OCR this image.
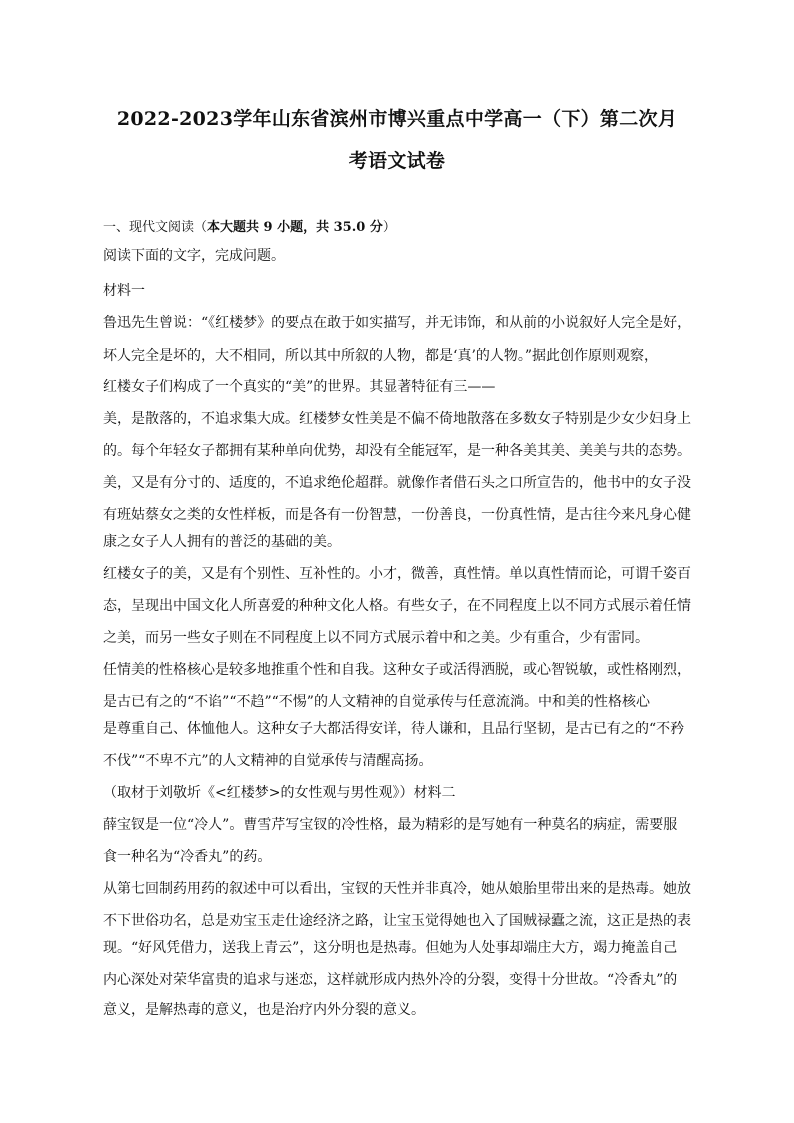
2022-2023学年山东省滨州市博兴重点中学高一（下）第二次月
考语文试卷
一、现代文阅读（本大题共 9 小题，共 35.0 分）
阅读下面的文字，完成问题。
材料一
鲁迅先生曾说：“《红楼梦》的要点在敢于如实描写，并无讳饰，和从前的小说叙好人完全是好，
坏人完全是坏的，大不相同，所以其中所叙的人物，都是‘真’的人物。”据此创作原则观察，
红楼女子们构成了一个真实的“美”的世界。其显著特征有三——
美，是散落的，不追求集大成。红楼梦女性美是不偏不倚地散落在多数女子特别是少女少妇身上
的。每个年轻女子都拥有某种单向优势，却没有全能冠军，是一种各美其美、美美与共的态势。
美，又是有分寸的、适度的，不追求绝伦超群。就像作者借石头之口所宣告的，他书中的女子没
有班姑蔡女之类的女性样板，而是各有一份智慧，一份善良，一份真性情，是古往今来凡身心健
康之女子人人拥有的普泛的基础的美。
红楼女子的美，又是有个别性、互补性的。小才，微善，真性情。单以真性情而论，可谓千姿百
态，呈现出中国文化人所喜爱的种种文化人格。有些女子，在不同程度上以不同方式展示着任情
之美，而另一些女子则在不同程度上以不同方式展示着中和之美。少有重合，少有雷同。
任情美的性格核心是较多地推重个性和自我。这种女子或活得洒脱，或心智锐敏，或性格刚烈，
是古已有之的“不谄”“不趋”“不惕”的人文精神的自觉承传与任意流淌。中和美的性格核心
是尊重自己、体恤他人。这种女子大都活得安详，待人谦和，且品行坚韧，是古已有之的“不矜
不伐”“不卑不亢”的人文精神的自觉承传与清醒高扬。
（取材于刘敬圻《<红楼梦>的女性观与男性观》）材料二
薛宝钗是一位“冷人”。曹雪芹写宝钗的冷性格，最为精彩的是写她有一种莫名的病症，需要服
食一种名为“冷香丸”的药。
从第七回制药用药的叙述中可以看出，宝钗的天性并非真冷，她从娘胎里带出来的是热毒。她放
不下世俗功名，总是劝宝玉走仕途经济之路，让宝玉觉得她也入了国贼禄蠹之流，这正是热的表
现。“好风凭借力，送我上青云”，这分明也是热毒。但她为人处事却端庄大方，竭力掩盖自己
内心深处对荣华富贵的追求与迷恋，这样就形成内热外冷的分裂，变得十分世故。“冷香丸”的
意义，是解热毒的意义，也是治疗内外分裂的意义。
